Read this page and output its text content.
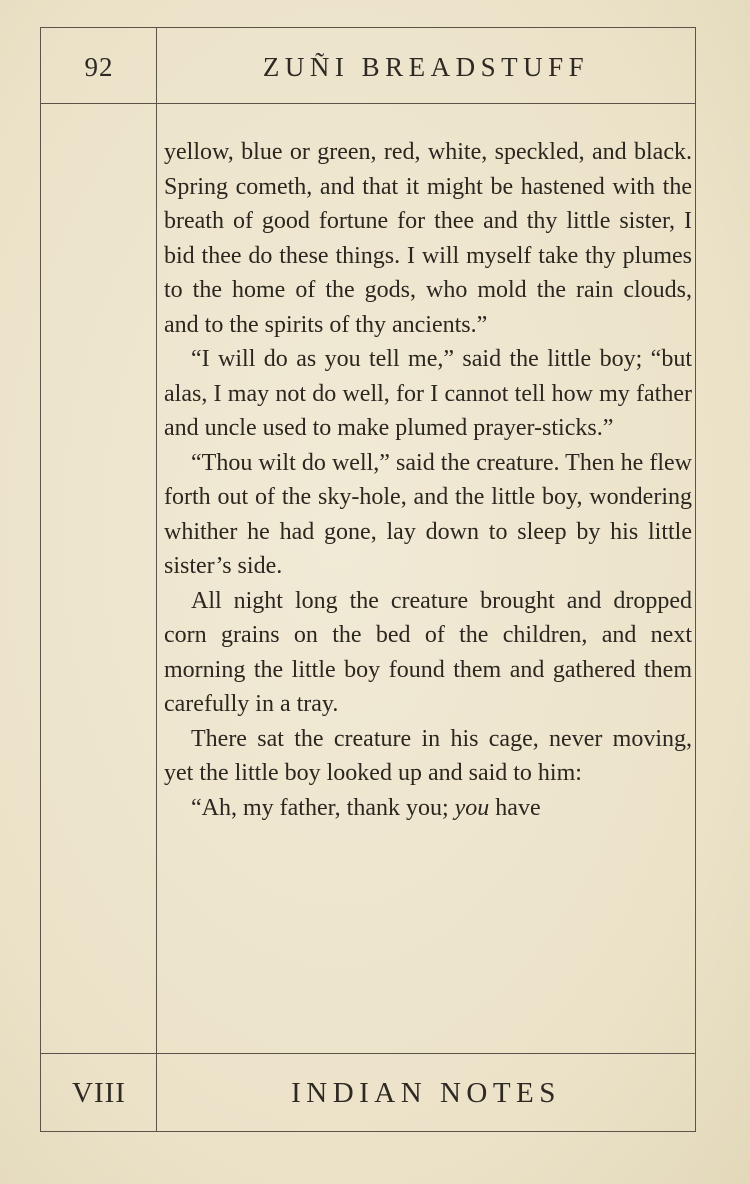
92	ZUÑI BREADSTUFF

yellow, blue or green, red, white, speckled, and black. Spring cometh, and that it might be hastened with the breath of good fortune for thee and thy little sister, I bid thee do these things. I will myself take thy plumes to the home of the gods, who mold the rain clouds, and to the spirits of thy ancients.”

“I will do as you tell me,” said the little boy; “but alas, I may not do well, for I cannot tell how my father and uncle used to make plumed prayer-sticks.”

“Thou wilt do well,” said the creature. Then he flew forth out of the sky-hole, and the little boy, wondering whither he had gone, lay down to sleep by his little sister’s side.

All night long the creature brought and dropped corn grains on the bed of the children, and next morning the little boy found them and gathered them carefully in a tray.

There sat the creature in his cage, never moving, yet the little boy looked up and said to him:

“Ah, my father, thank you; you have

VIII	INDIAN NOTES
